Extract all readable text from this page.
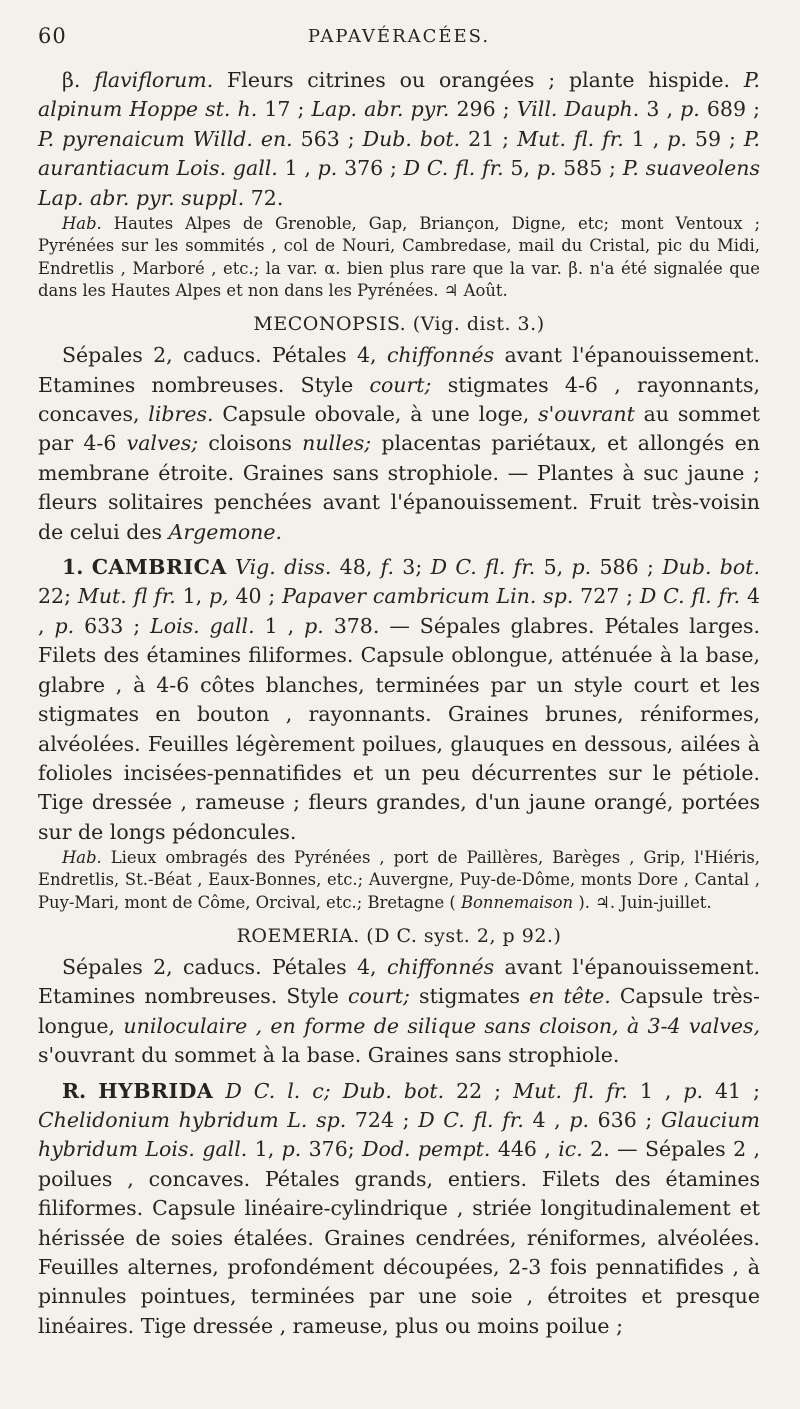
60	PAPAVÉRACÉES.

β. flaviflorum. Fleurs citrines ou orangées ; plante hispide. P. alpinum Hoppe st. h. 17 ; Lap. abr. pyr. 296 ; Vill. Dauph. 3 , p. 689 ; P. pyrenaicum Willd. en. 563 ; Dub. bot. 21 ; Mut. fl. fr. 1 , p. 59 ; P. aurantiacum Lois. gall. 1 , p. 376 ; D C. fl. fr. 5, p. 585 ; P. suaveolens Lap. abr. pyr. suppl. 72.

Hab. Hautes Alpes de Grenoble, Gap, Briançon, Digne, etc; mont Ventoux ; Pyrénées sur les sommités , col de Nouri, Cambredase, mail du Cristal, pic du Midi, Endretlis , Marboré , etc.; la var. α. bien plus rare que la var. β. n'a été signalée que dans les Hautes Alpes et non dans les Pyrénées. ♃ Août.

MECONOPSIS. (Vig. dist. 3.)

Sépales 2, caducs. Pétales 4, chiffonnés avant l'épanouissement. Etamines nombreuses. Style court; stigmates 4-6 , rayonnants, concaves, libres. Capsule obovale, à une loge, s'ouvrant au sommet par 4-6 valves; cloisons nulles; placentas pariétaux, et allongés en membrane étroite. Graines sans strophiole. — Plantes à suc jaune ; fleurs solitaires penchées avant l'épanouissement. Fruit très-voisin de celui des Argemone.

1. CAMBRICA Vig. diss. 48, f. 3; D C. fl. fr. 5, p. 586 ; Dub. bot. 22; Mut. fl fr. 1, p, 40 ; Papaver cambricum Lin. sp. 727 ; D C. fl. fr. 4 , p. 633 ; Lois. gall. 1 , p. 378. — Sépales glabres. Pétales larges. Filets des étamines filiformes. Capsule oblongue, atténuée à la base, glabre , à 4-6 côtes blanches, terminées par un style court et les stigmates en bouton , rayonnants. Graines brunes, réniformes, alvéolées. Feuilles légèrement poilues, glauques en dessous, ailées à folioles incisées-pennatifides et un peu décurrentes sur le pétiole. Tige dressée , rameuse ; fleurs grandes, d'un jaune orangé, portées sur de longs pédoncules.

Hab. Lieux ombragés des Pyrénées , port de Paillères, Barèges , Grip, l'Hiéris, Endretlis, St.-Béat , Eaux-Bonnes, etc.; Auvergne, Puy-de-Dôme, monts Dore , Cantal , Puy-Mari, mont de Côme, Orcival, etc.; Bretagne ( Bonnemaison ). ♃. Juin-juillet.

ROEMERIA. (D C. syst. 2, p 92.)

Sépales 2, caducs. Pétales 4, chiffonnés avant l'épanouissement. Etamines nombreuses. Style court; stigmates en tête. Capsule très-longue, uniloculaire , en forme de silique sans cloison, à 3-4 valves, s'ouvrant du sommet à la base. Graines sans strophiole.

R. HYBRIDA D C. l. c; Dub. bot. 22 ; Mut. fl. fr. 1 , p. 41 ; Chelidonium hybridum L. sp. 724 ; D C. fl. fr. 4 , p. 636 ; Glaucium hybridum Lois. gall. 1, p. 376; Dod. pempt. 446 , ic. 2. — Sépales 2 , poilues , concaves. Pétales grands, entiers. Filets des étamines filiformes. Capsule linéaire-cylindrique , striée longitudinalement et hérissée de soies étalées. Graines cendrées, réniformes, alvéolées. Feuilles alternes, profondément découpées, 2-3 fois pennatifides , à pinnules pointues, terminées par une soie , étroites et presque linéaires. Tige dressée , rameuse, plus ou moins poilue ;
